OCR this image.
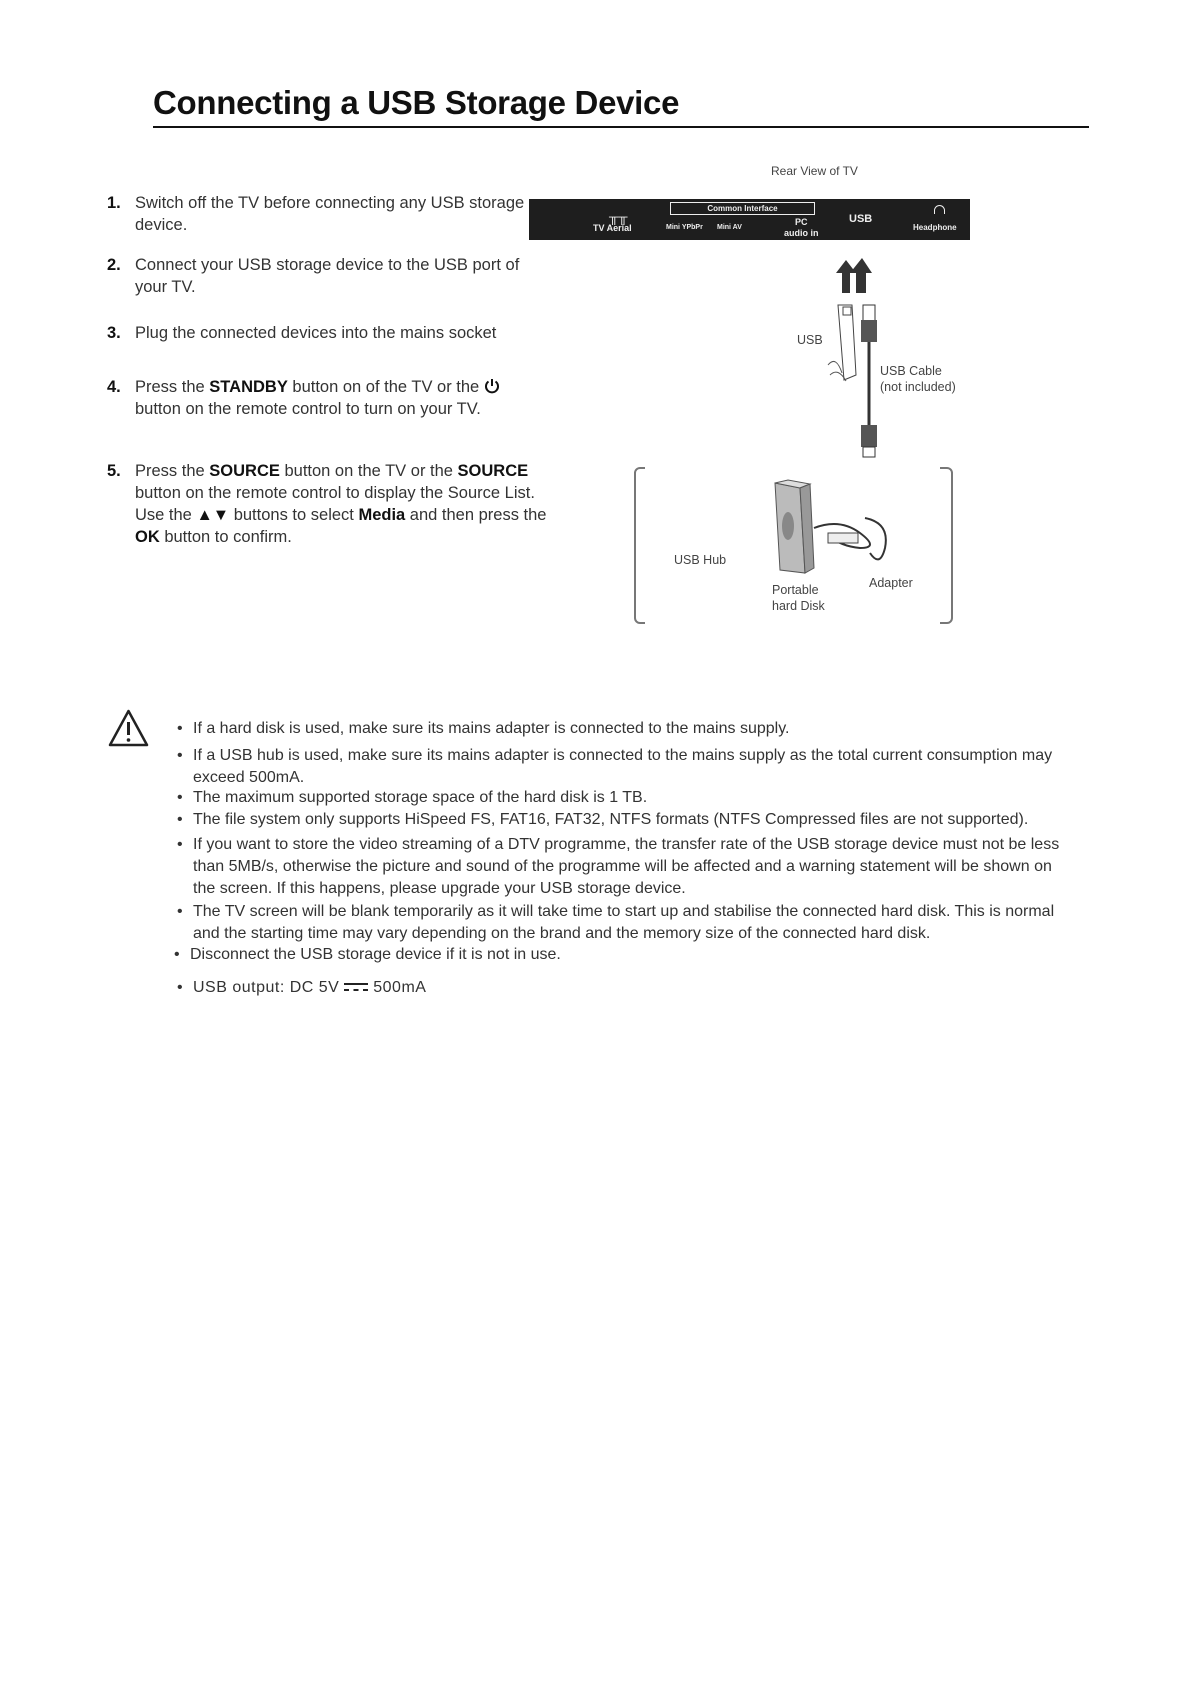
Connecting a USB Storage Device
1. Switch off the TV before connecting any USB storage device.
2. Connect your USB storage device to the USB port of your TV.
3. Plug the connected devices into the mains socket
4. Press the STANDBY button on of the TV or the
button on the remote control to turn on your TV.
5. Press the SOURCE button on the TV or the SOURCE button on the remote control to display the Source List. Use the ▲▼ buttons to select Media and then press the OK button to confirm.
Rear View of TV
Common Interface
╥╥
TV Aerial	Mini YPbPr Mini AV
PC
audio in
USB
Headphone
USB
USB Cable
(not included)
USB Hub
Portable
hard Disk
Adapter
• If a hard disk is used, make sure its mains adapter is connected to the mains supply.
• If a USB hub is used, make sure its mains adapter is connected to the mains supply as the total current consumption may exceed 500mA.
• The maximum supported storage space of the hard disk is 1 TB.
• The file system only supports HiSpeed FS, FAT16, FAT32, NTFS formats (NTFS Compressed files are not supported).
• If you want to store the video streaming of a DTV programme, the transfer rate of the USB storage device must not be less than 5MB/s, otherwise the picture and sound of the programme will be affected and a warning statement will be shown on the screen. If this happens, please upgrade your USB storage device.
• The TV screen will be blank temporarily as it will take time to start up and stabilise the connected hard disk. This is normal and the starting time may vary depending on the brand and the memory size of the connected hard disk.
• Disconnect the USB storage device if it is not in use.
• USB output: DC 5V 500mA
